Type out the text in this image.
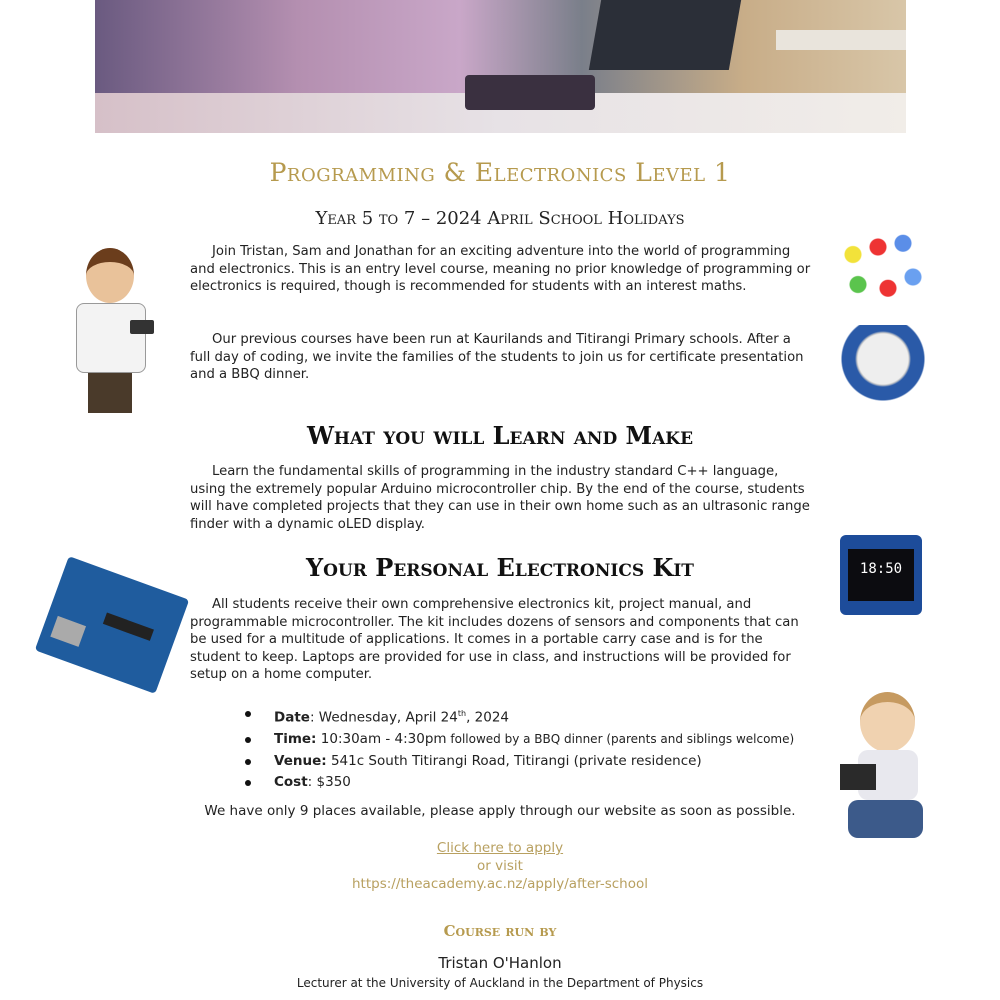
Programming & Electronics Level 1
Year 5 to 7 – 2024 April School Holidays

Join Tristan, Sam and Jonathan for an exciting adventure into the world of programming and electronics. This is an entry level course, meaning no prior knowledge of programming or electronics is required, though is recommended for students with an interest maths.

Our previous courses have been run at Kaurilands and Titirangi Primary schools. After a full day of coding, we invite the families of the students to join us for certificate presentation and a BBQ dinner.

What you will Learn and Make

Learn the fundamental skills of programming in the industry standard C++ language, using the extremely popular Arduino microcontroller chip. By the end of the course, students will have completed projects that they can use in their own home such as an ultrasonic range finder with a dynamic oLED display.

18:50
Your Personal Electronics Kit

All students receive their own comprehensive electronics kit, project manual, and programmable microcontroller. The kit includes dozens of sensors and components that can be used for a multitude of applications. It comes in a portable carry case and is for the student to keep. Laptops are provided for use in class, and instructions will be provided for setup on a home computer.

Date: Wednesday, April 24th, 2024
Time: 10:30am - 4:30pm followed by a BBQ dinner (parents and siblings welcome)
Venue: 541c South Titirangi Road, Titirangi (private residence)
Cost: $350
We have only 9 places available, please apply through our website as soon as possible.
Click here to apply
or visit
https://theacademy.ac.nz/apply/after-school
Course run by
Tristan O'Hanlon
Lecturer at the University of Auckland in the Department of Physics
